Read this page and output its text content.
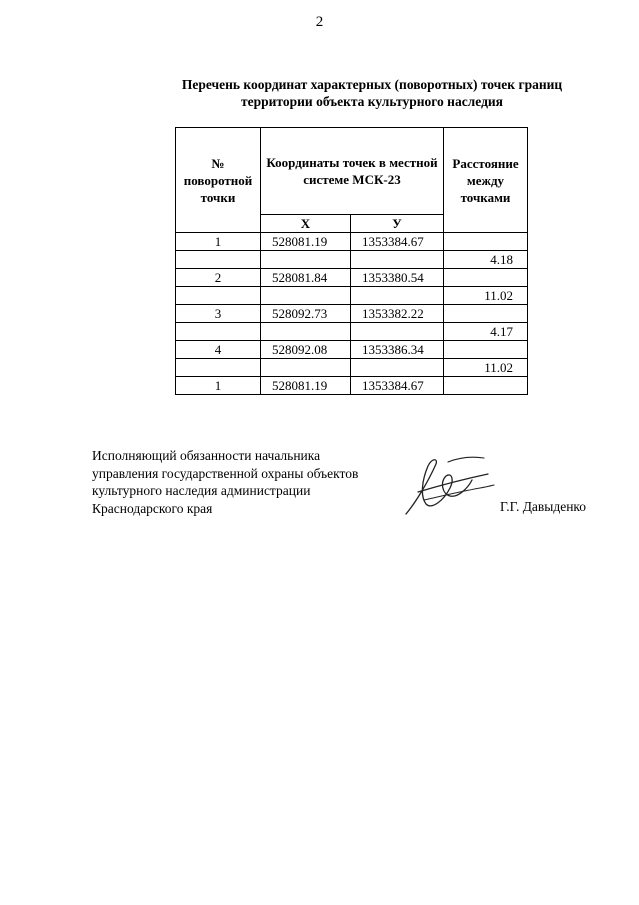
2
Перечень координат характерных (поворотных) точек границ
территории объекта культурного наследия
№ поворотной точки	Координаты точек в местной системе МСК-23		Расстояние между точками
	Х	У	
1	528081.19	1353384.67	
			4.18
2	528081.84	1353380.54	
			11.02
3	528092.73	1353382.22	
			4.17
4	528092.08	1353386.34	
			11.02
1	528081.19	1353384.67	
Исполняющий обязанности начальника
управления государственной охраны объектов
культурного наследия администрации
Краснодарского края	Г.Г. Давыденко
